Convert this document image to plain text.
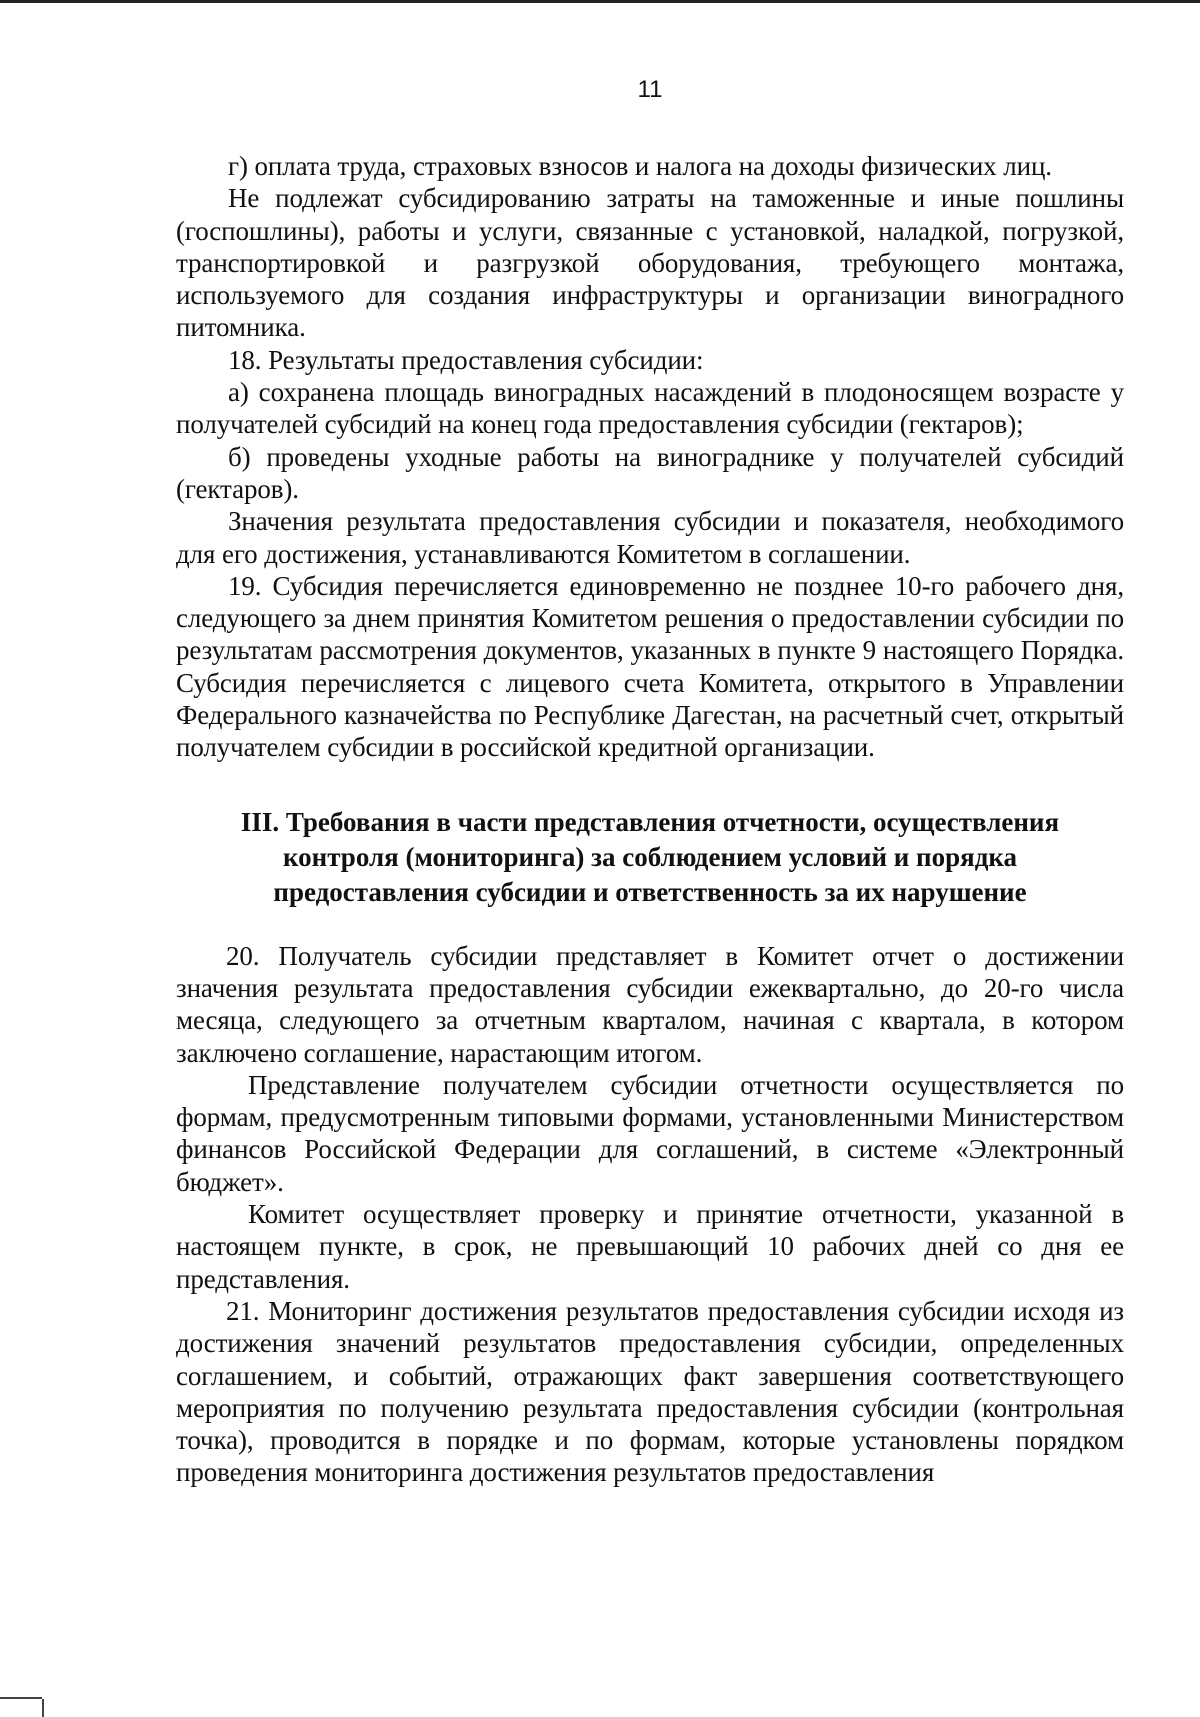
11

г) оплата труда, страховых взносов и налога на доходы физических лиц.

Не подлежат субсидированию затраты на таможенные и иные пошлины (госпошлины), работы и услуги, связанные с установкой, наладкой, погрузкой, транспортировкой и разгрузкой оборудования, требующего монтажа, используемого для создания инфраструктуры и организации виноградного питомника.

18. Результаты предоставления субсидии:

а) сохранена площадь виноградных насаждений в плодоносящем возрасте у получателей субсидий на конец года предоставления субсидии (гектаров);

б) проведены уходные работы на винограднике у получателей субсидий (гектаров).

Значения результата предоставления субсидии и показателя, необходимого для его достижения, устанавливаются Комитетом в соглашении.

19. Субсидия перечисляется единовременно не позднее 10-го рабочего дня, следующего за днем принятия Комитетом решения о предоставлении субсидии по результатам рассмотрения документов, указанных в пункте 9 настоящего Порядка. Субсидия перечисляется с лицевого счета Комитета, открытого в Управлении Федерального казначейства по Республике Дагестан, на расчетный счет, открытый получателем субсидии в российской кредитной организации.

III. Требования в части представления отчетности, осуществления
контроля (мониторинга) за соблюдением условий и порядка
предоставления субсидии и ответственность за их нарушение

20. Получатель субсидии представляет в Комитет отчет о достижении значения результата предоставления субсидии ежеквартально, до 20-го числа месяца, следующего за отчетным кварталом, начиная с квартала, в котором заключено соглашение, нарастающим итогом.

Представление получателем субсидии отчетности осуществляется по формам, предусмотренным типовыми формами, установленными Министерством финансов Российской Федерации для соглашений, в системе «Электронный бюджет».

Комитет осуществляет проверку и принятие отчетности, указанной в настоящем пункте, в срок, не превышающий 10 рабочих дней со дня ее представления.

21. Мониторинг достижения результатов предоставления субсидии исходя из достижения значений результатов предоставления субсидии, определенных соглашением, и событий, отражающих факт завершения соответствующего мероприятия по получению результата предоставления субсидии (контрольная точка), проводится в порядке и по формам, которые установлены порядком проведения мониторинга достижения результатов предоставления
